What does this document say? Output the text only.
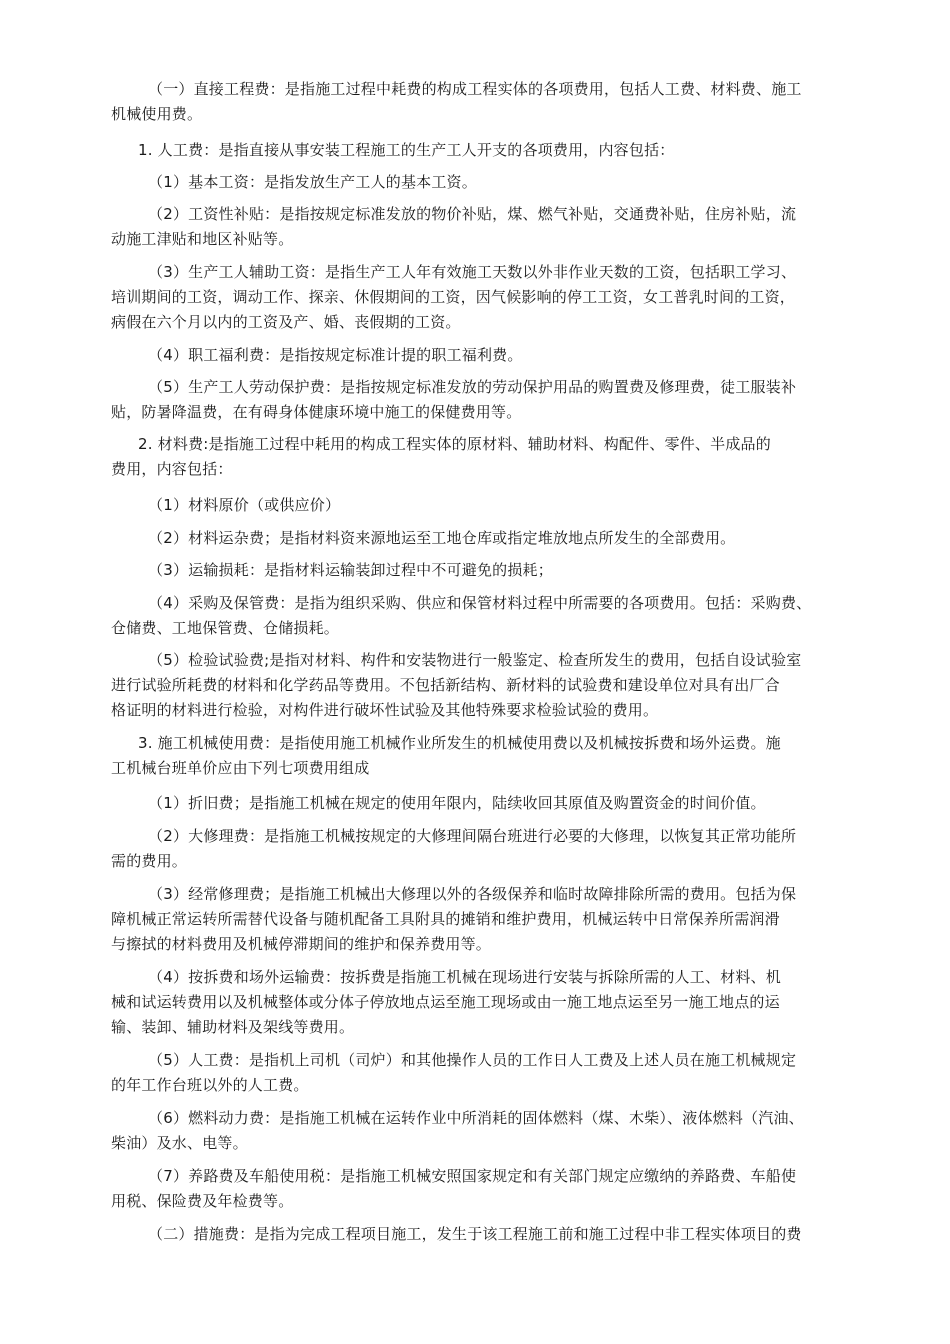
（一）直接工程费：是指施工过程中耗费的构成工程实体的各项费用，包括人工费、材料费、施工
机械使用费。
1. 人工费：是指直接从事安装工程施工的生产工人开支的各项费用，内容包括：
（1）基本工资：是指发放生产工人的基本工资。
（2）工资性补贴：是指按规定标准发放的物价补贴，煤、燃气补贴，交通费补贴，住房补贴，流
动施工津贴和地区补贴等。
（3）生产工人辅助工资：是指生产工人年有效施工天数以外非作业天数的工资，包括职工学习、
培训期间的工资，调动工作、探亲、休假期间的工资，因气候影响的停工工资，女工普乳时间的工资，
病假在六个月以内的工资及产、婚、丧假期的工资。
（4）职工福利费：是指按规定标准计提的职工福利费。
（5）生产工人劳动保护费：是指按规定标准发放的劳动保护用品的购置费及修理费，徒工服装补
贴，防暑降温费，在有碍身体健康环境中施工的保健费用等。
2. 材料费:是指施工过程中耗用的构成工程实体的原材料、辅助材料、构配件、零件、半成品的
费用，内容包括：
（1）材料原价（或供应价）
（2）材料运杂费；是指材料资来源地运至工地仓库或指定堆放地点所发生的全部费用。
（3）运输损耗：是指材料运输装卸过程中不可避免的损耗；
（4）采购及保管费：是指为组织采购、供应和保管材料过程中所需要的各项费用。包括：采购费、
仓储费、工地保管费、仓储损耗。
（5）检验试验费;是指对材料、构件和安装物进行一般鉴定、检查所发生的费用，包括自设试验室
进行试验所耗费的材料和化学药品等费用。不包括新结构、新材料的试验费和建设单位对具有出厂合
格证明的材料进行检验，对构件进行破坏性试验及其他特殊要求检验试验的费用。
3. 施工机械使用费：是指使用施工机械作业所发生的机械使用费以及机械按拆费和场外运费。施
工机械台班单价应由下列七项费用组成
（1）折旧费；是指施工机械在规定的使用年限内，陆续收回其原值及购置资金的时间价值。
（2）大修理费：是指施工机械按规定的大修理间隔台班进行必要的大修理，以恢复其正常功能所
需的费用。
（3）经常修理费；是指施工机械出大修理以外的各级保养和临时故障排除所需的费用。包括为保
障机械正常运转所需替代设备与随机配备工具附具的摊销和维护费用，机械运转中日常保养所需润滑
与擦拭的材料费用及机械停滞期间的维护和保养费用等。
（4）按拆费和场外运输费：按拆费是指施工机械在现场进行安装与拆除所需的人工、材料、机
械和试运转费用以及机械整体或分体子停放地点运至施工现场或由一施工地点运至另一施工地点的运
输、装卸、辅助材料及架线等费用。
（5）人工费：是指机上司机（司炉）和其他操作人员的工作日人工费及上述人员在施工机械规定
的年工作台班以外的人工费。
（6）燃料动力费：是指施工机械在运转作业中所消耗的固体燃料（煤、木柴）、液体燃料（汽油、
柴油）及水、电等。
（7）养路费及车船使用税：是指施工机械安照国家规定和有关部门规定应缴纳的养路费、车船使
用税、保险费及年检费等。
（二）措施费：是指为完成工程项目施工，发生于该工程施工前和施工过程中非工程实体项目的费
